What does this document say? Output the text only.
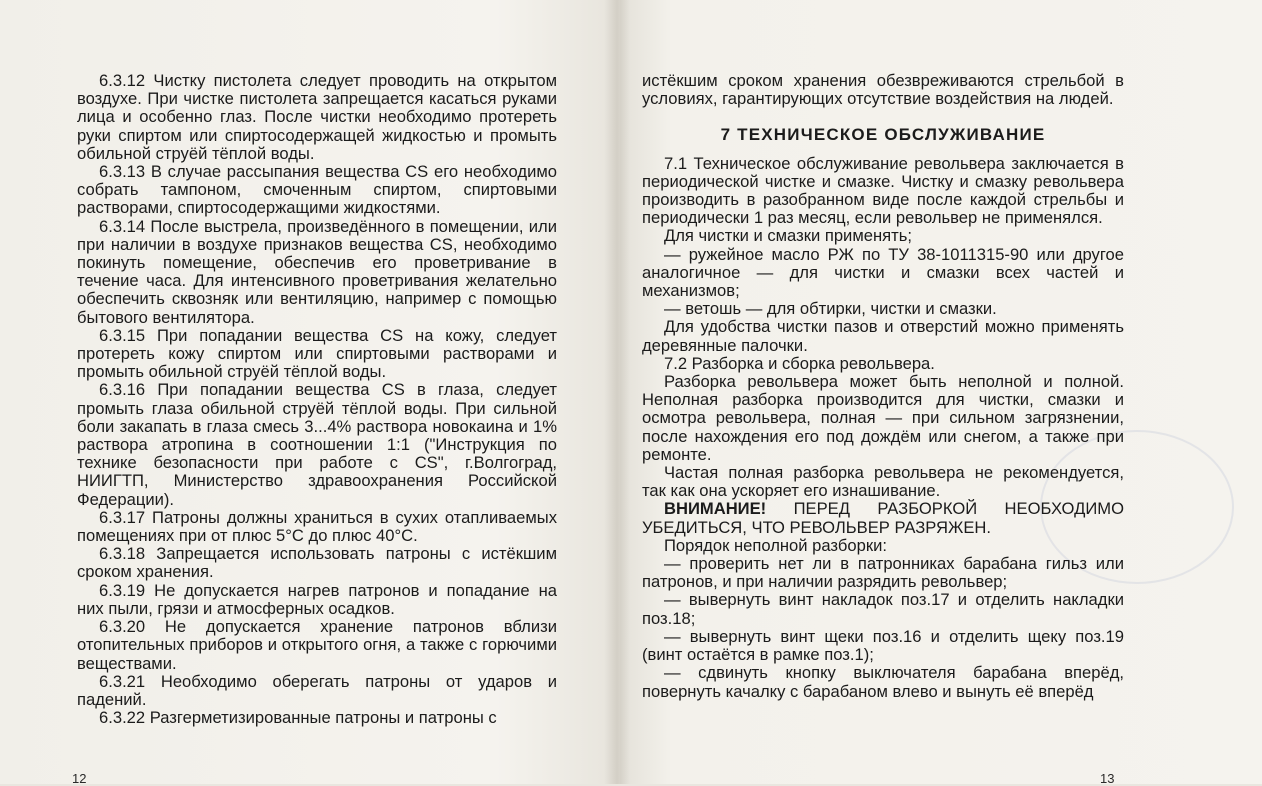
6.3.12 Чистку пистолета следует проводить на открытом воздухе. При чистке пистолета запрещается касаться руками лица и особенно глаз. После чистки необходимо протереть руки спиртом или спиртосодержащей жидкостью и промыть обильной струёй тёплой воды.

6.3.13 В случае рассыпания вещества CS его необходимо собрать тампоном, смоченным спиртом, спиртовыми растворами, спиртосодержащими жидкостями.

6.3.14 После выстрела, произведённого в помещении, или при наличии в воздухе признаков вещества CS, необходимо покинуть помещение, обеспечив его проветривание в течение часа. Для интенсивного проветривания желательно обеспечить сквозняк или вентиляцию, например с помощью бытового вентилятора.

6.3.15 При попадании вещества CS на кожу, следует протереть кожу спиртом или спиртовыми растворами и промыть обильной струёй тёплой воды.

6.3.16 При попадании вещества CS в глаза, следует промыть глаза обильной струёй тёплой воды. При сильной боли закапать в глаза смесь 3...4% раствора новокаина и 1% раствора атропина в соотношении 1:1 ("Инструкция по технике безопасности при работе с CS", г.Волгоград, НИИГТП, Министерство здравоохранения Российской Федерации).

6.3.17 Патроны должны храниться в сухих отапливаемых помещениях при от плюс 5°С до плюс 40°С.

6.3.18 Запрещается использовать патроны с истёкшим сроком хранения.

6.3.19 Не допускается нагрев патронов и попадание на них пыли, грязи и атмосферных осадков.

6.3.20 Не допускается хранение патронов вблизи отопительных приборов и открытого огня, а также с горючими веществами.

6.3.21 Необходимо оберегать патроны от ударов и падений.

6.3.22 Разгерметизированные патроны и патроны с

истёкшим сроком хранения обезвреживаются стрельбой в условиях, гарантирующих отсутствие воздействия на людей.

7 ТЕХНИЧЕСКОЕ ОБСЛУЖИВАНИЕ

7.1 Техническое обслуживание револьвера заключается в периодической чистке и смазке. Чистку и смазку револьвера производить в разобранном виде после каждой стрельбы и периодически 1 раз месяц, если револьвер не применялся.

Для чистки и смазки применять;

— ружейное масло РЖ по ТУ 38-1011315-90 или другое аналогичное — для чистки и смазки всех частей и механизмов;

— ветошь — для обтирки, чистки и смазки.

Для удобства чистки пазов и отверстий можно применять деревянные палочки.

7.2 Разборка и сборка револьвера.

Разборка револьвера может быть неполной и полной. Неполная разборка производится для чистки, смазки и осмотра револьвера, полная — при сильном загрязнении, после нахождения его под дождём или снегом, а также при ремонте.

Частая полная разборка револьвера не рекомендуется, так как она ускоряет его изнашивание.

ВНИМАНИЕ! ПЕРЕД РАЗБОРКОЙ НЕОБХОДИМО УБЕДИТЬСЯ, ЧТО РЕВОЛЬВЕР РАЗРЯЖЕН.

Порядок неполной разборки:

— проверить нет ли в патронниках барабана гильз или патронов, и при наличии разрядить револьвер;

— вывернуть винт накладок поз.17 и отделить накладки поз.18;

— вывернуть винт щеки поз.16 и отделить щеку поз.19 (винт остаётся в рамке поз.1);

— сдвинуть кнопку выключателя барабана вперёд, повернуть качалку с барабаном влево и вынуть её вперёд

12	13
